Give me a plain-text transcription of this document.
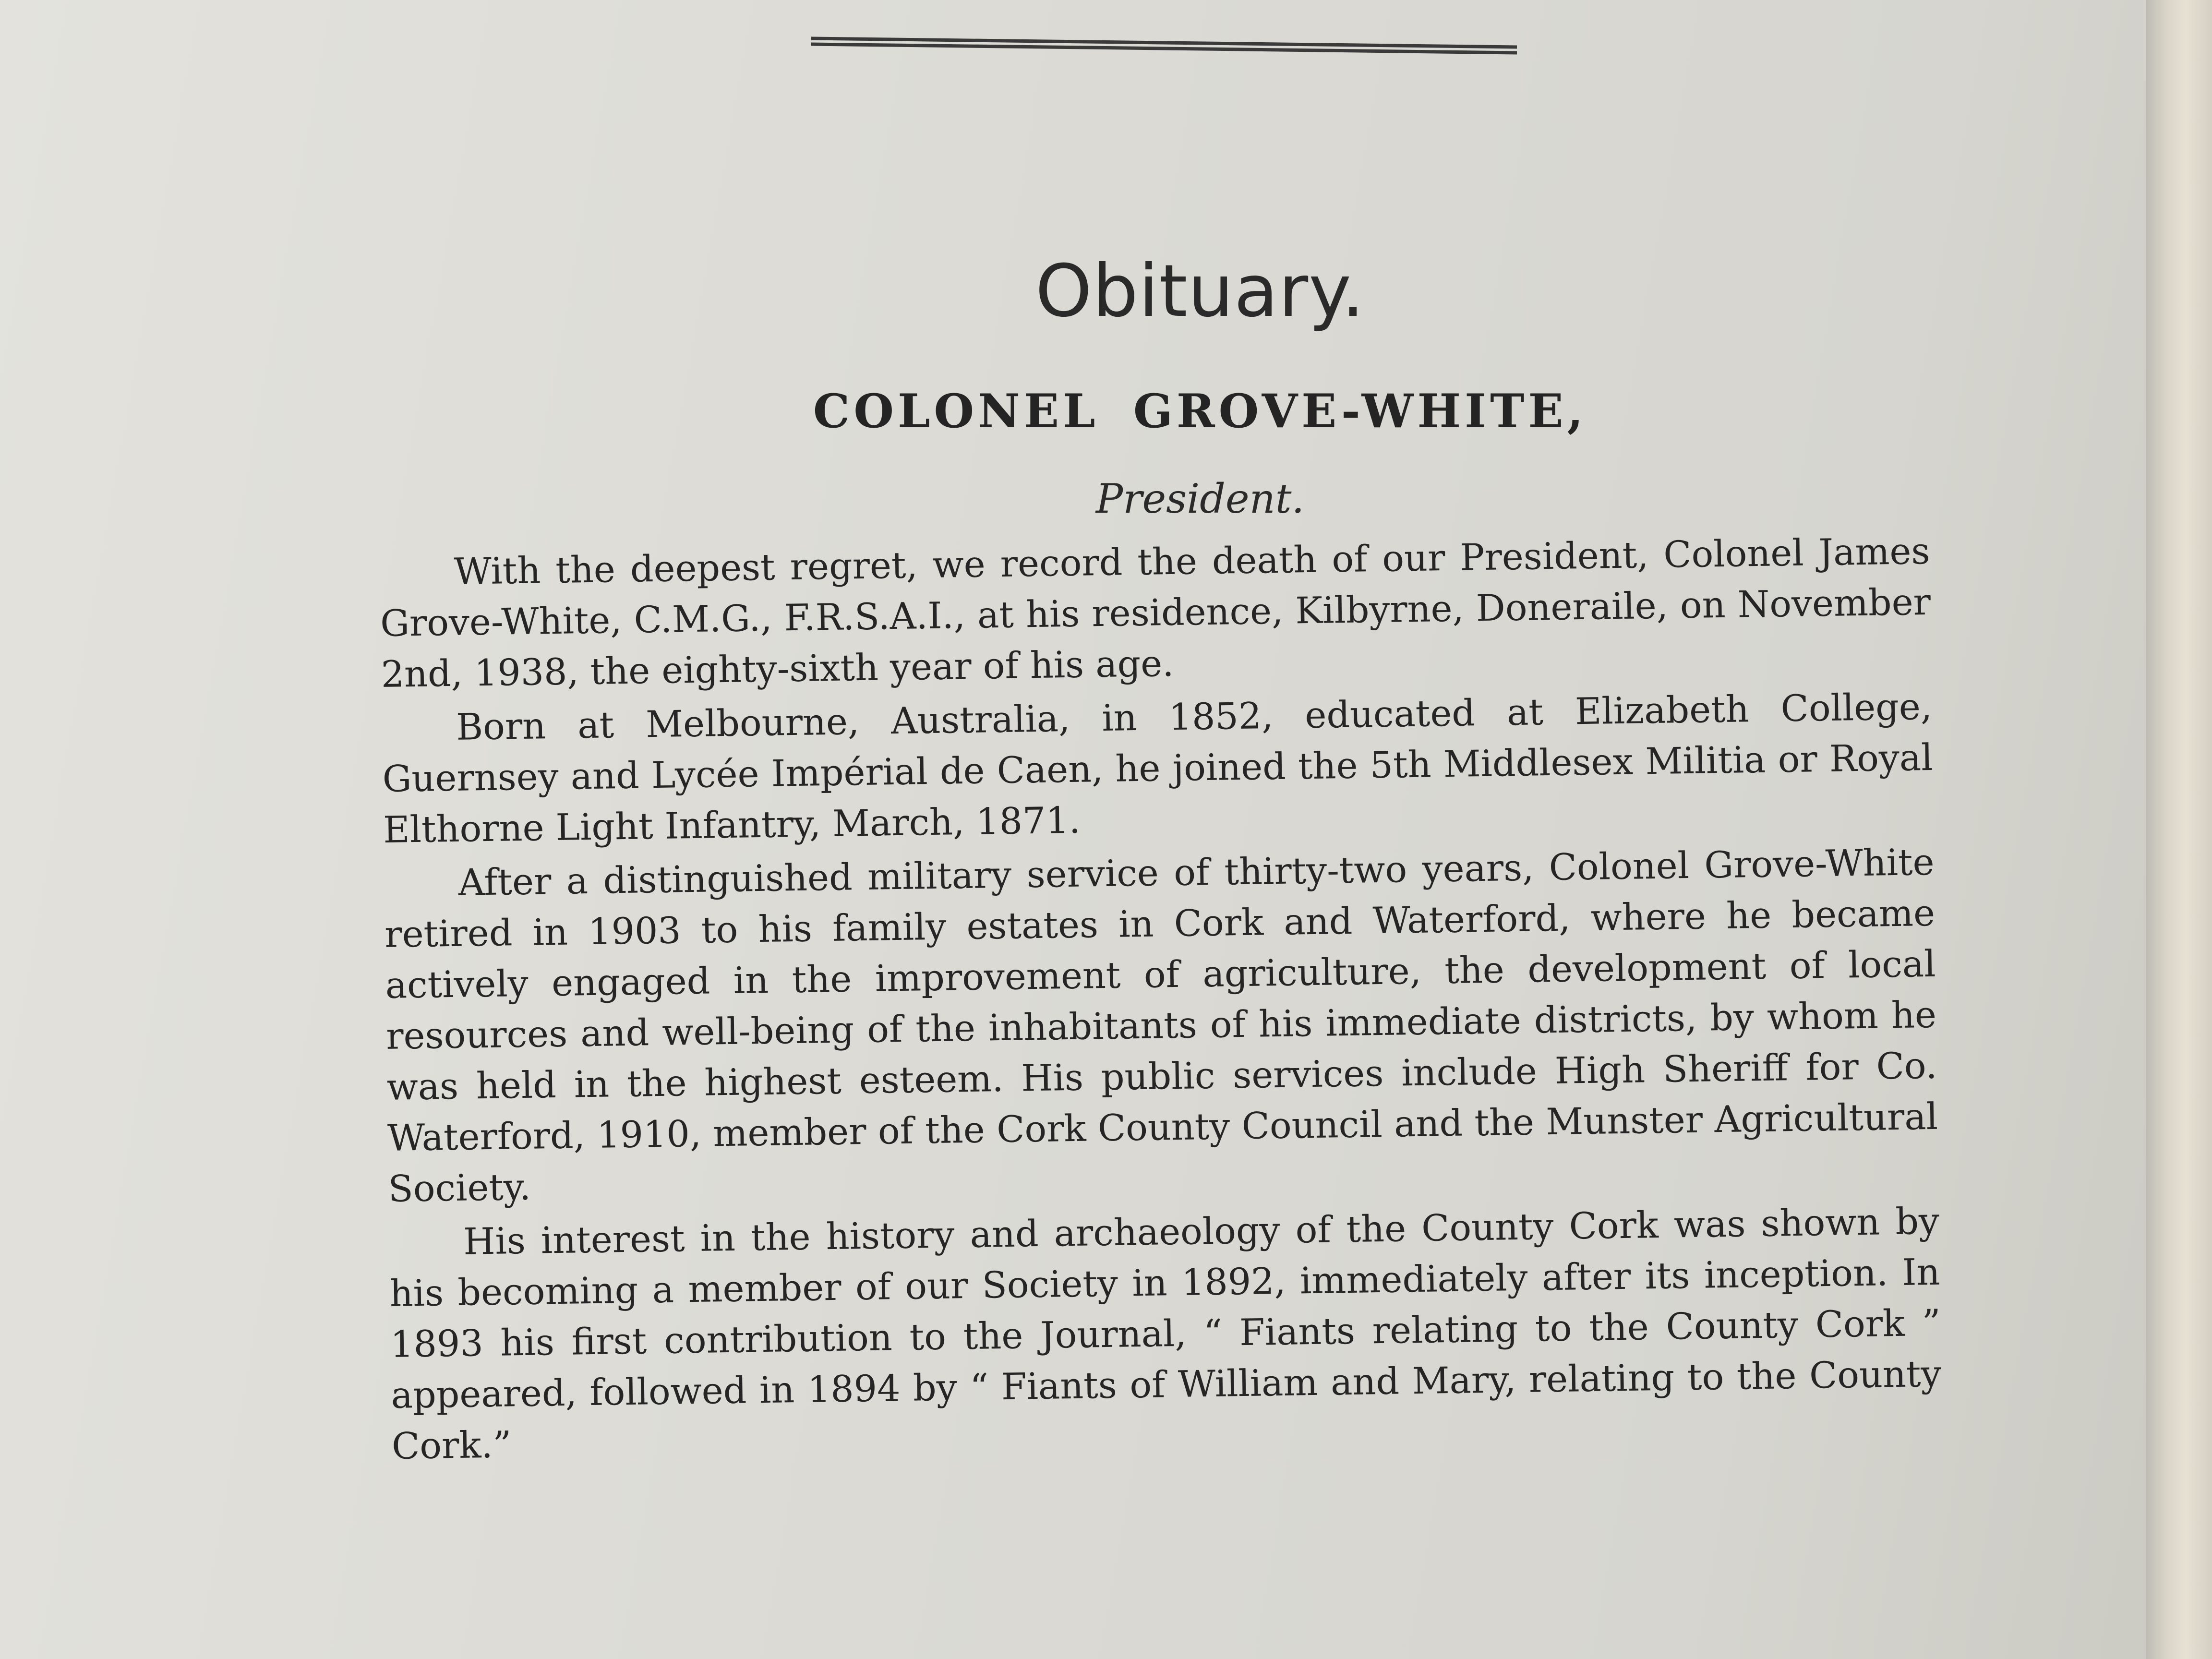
Obituary.
COLONEL GROVE-WHITE,
President.

With the deepest regret, we record the death of our President, Colonel James Grove-White, C.M.G., F.R.S.A.I., at his residence, Kilbyrne, Doneraile, on November 2nd, 1938, the eighty-sixth year of his age.

Born at Melbourne, Australia, in 1852, educated at Elizabeth College, Guernsey and Lycée Impérial de Caen, he joined the 5th Middlesex Militia or Royal Elthorne Light Infantry, March, 1871.

After a distinguished military service of thirty-two years, Colonel Grove-White retired in 1903 to his family estates in Cork and Waterford, where he became actively engaged in the improvement of agriculture, the development of local resources and well-being of the inhabitants of his immediate districts, by whom he was held in the highest esteem. His public services include High Sheriff for Co. Waterford, 1910, member of the Cork County Council and the Munster Agricultural Society.

His interest in the history and archaeology of the County Cork was shown by his becoming a member of our Society in 1892, immediately after its inception. In 1893 his first contribution to the Journal, “ Fiants relating to the County Cork ” appeared, followed in 1894 by “ Fiants of William and Mary, relating to the County Cork.”
